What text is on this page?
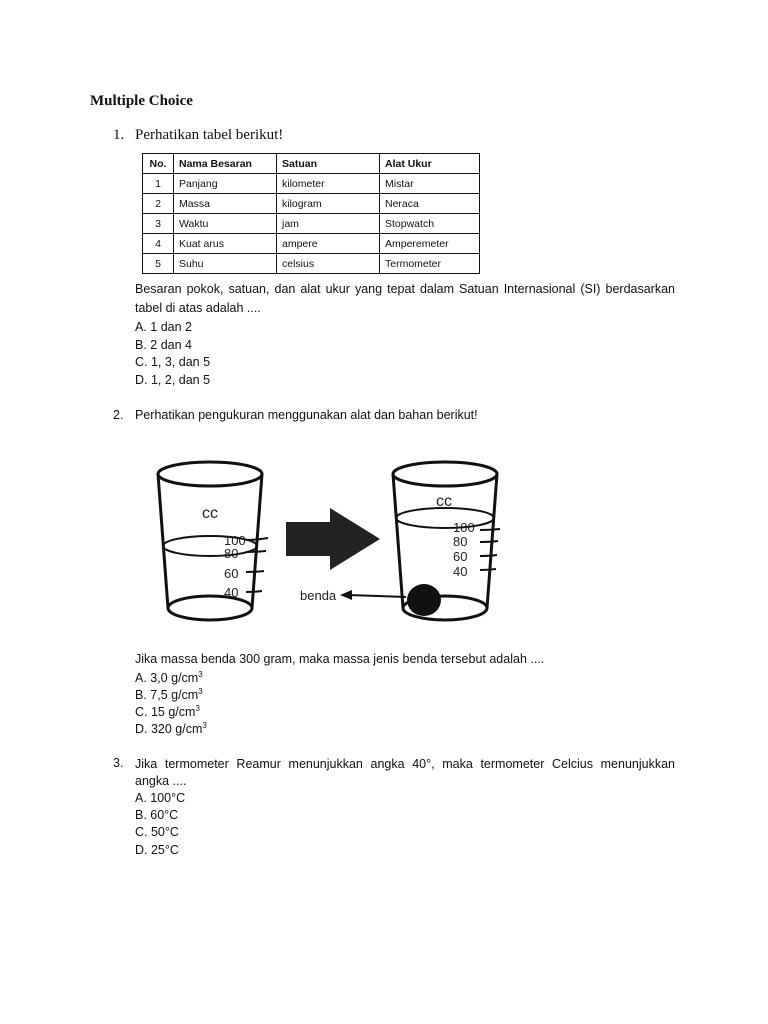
Multiple Choice
1. Perhatikan tabel berikut!
No.	Nama Besaran	Satuan	Alat Ukur
1	Panjang	kilometer	Mistar
2	Massa	kilogram	Neraca
3	Waktu	jam	Stopwatch
4	Kuat arus	ampere	Amperemeter
5	Suhu	celsius	Termometer
Besaran pokok, satuan, dan alat ukur yang tepat dalam Satuan Internasional (SI) berdasarkan
tabel di atas adalah ....
A. 1 dan 2
B. 2 dan 4
C. 1, 3, dan 5
D. 1, 2, dan 5
2. Perhatikan pengukuran menggunakan alat dan bahan berikut!
cc
100
80
60
40
cc
100
80
60
40
benda
Jika massa benda 300 gram, maka massa jenis benda tersebut adalah ....
A. 3,0 $g/cm^3$
B. 7,5 $g/cm^3$
C. 15 $g/cm^3$
D. 320 $g/cm^3$
3. Jika termometer Reamur menunjukkan angka 40°, maka termometer Celcius menunjukkan
angka ....
A. 100°C
B. 60°C
C. 50°C
D. 25°C
